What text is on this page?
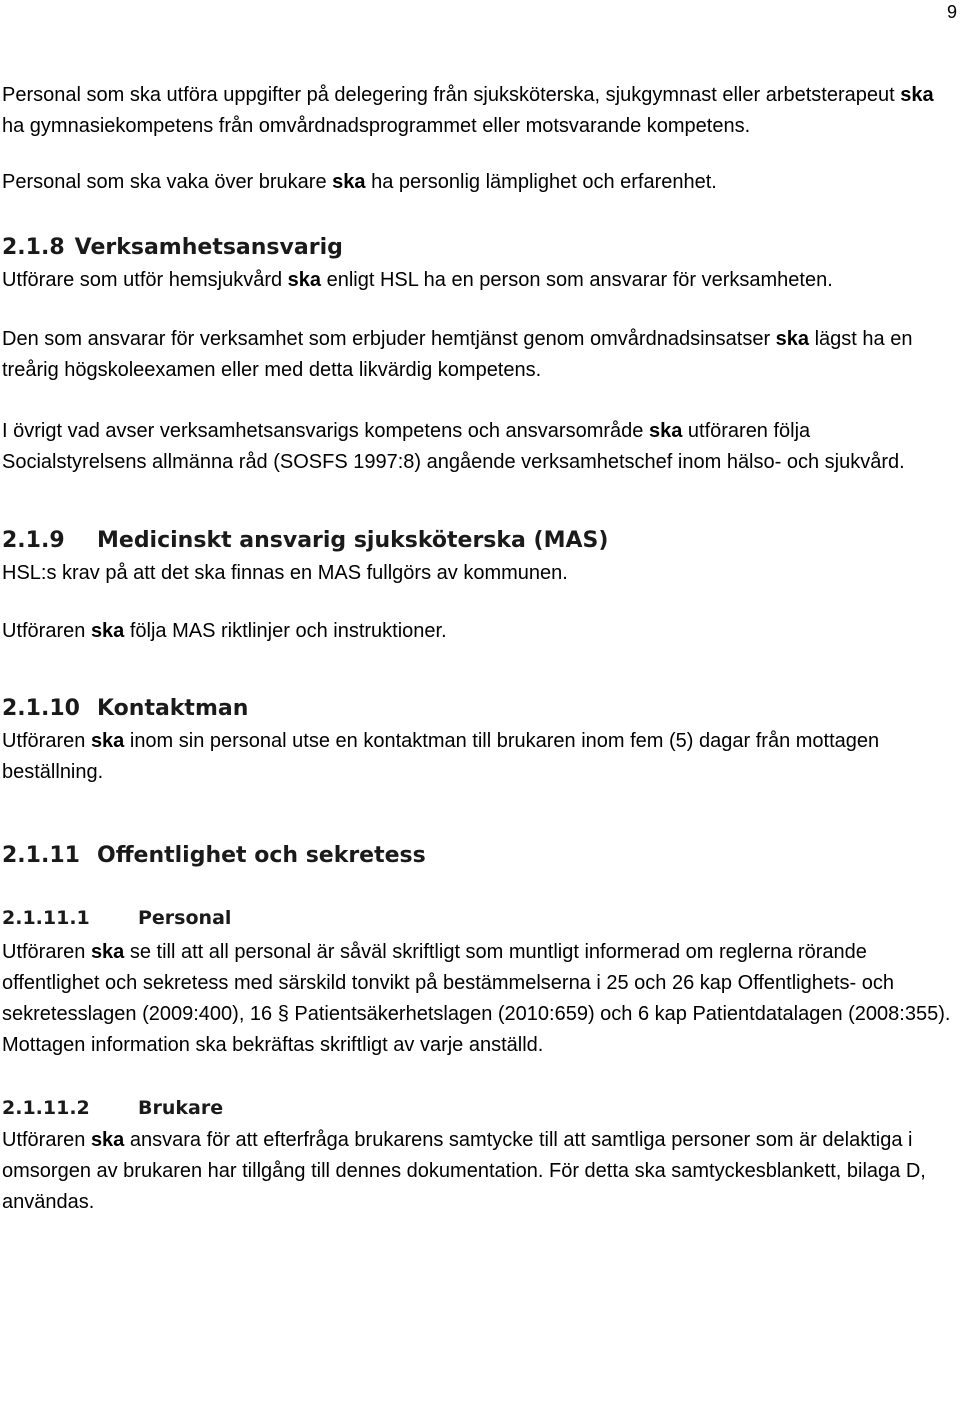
9

Personal som ska utföra uppgifter på delegering från sjuksköterska, sjukgymnast eller arbetsterapeut ska ha gymnasiekompetens från omvårdnadsprogrammet eller motsvarande kompetens.

Personal som ska vaka över brukare ska ha personlig lämplighet och erfarenhet.

2.1.8 Verksamhetsansvarig

Utförare som utför hemsjukvård ska enligt HSL ha en person som ansvarar för verksamheten.

Den som ansvarar för verksamhet som erbjuder hemtjänst genom omvårdnadsinsatser ska lägst ha en treårig högskoleexamen eller med detta likvärdig kompetens.

I övrigt vad avser verksamhetsansvarigs kompetens och ansvarsområde ska utföraren följa Socialstyrelsens allmänna råd (SOSFS 1997:8) angående verksamhetschef inom hälso- och sjukvård.

2.1.9 Medicinskt ansvarig sjuksköterska (MAS)

HSL:s krav på att det ska finnas en MAS fullgörs av kommunen.

Utföraren ska följa MAS riktlinjer och instruktioner.

2.1.10 Kontaktman

Utföraren ska inom sin personal utse en kontaktman till brukaren inom fem (5) dagar från mottagen beställning.

2.1.11 Offentlighet och sekretess
2.1.11.1	Personal

Utföraren ska se till att all personal är såväl skriftligt som muntligt informerad om reglerna rörande offentlighet och sekretess med särskild tonvikt på bestämmelserna i 25 och 26 kap Offentlighets- och sekretesslagen (2009:400), 16 § Patientsäkerhetslagen (2010:659) och 6 kap Patientdatalagen (2008:355). Mottagen information ska bekräftas skriftligt av varje anställd.

2.1.11.2	Brukare

Utföraren ska ansvara för att efterfråga brukarens samtycke till att samtliga personer som är delaktiga i omsorgen av brukaren har tillgång till dennes dokumentation. För detta ska samtyckesblankett, bilaga D, användas.
